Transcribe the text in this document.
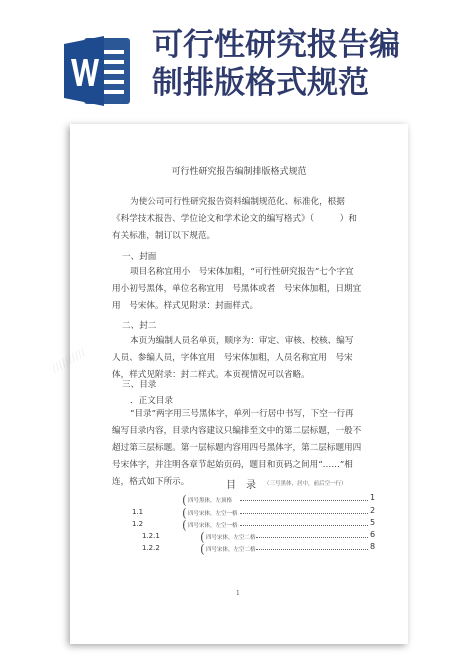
可行性研究报告编
制排版格式规范
//////////
可行性研究报告编制排版格式规范
为使公司可行性研究报告资料编制规范化、标准化，根据《科学技术报告、学位论文和学术论文的编写格式》（　　　）和有关标准，制订以下规范。
一、封面
项目名称宜用小　号宋体加粗，“可行性研究报告”七个字宜用小初号黑体，单位名称宜用　号黑体或者　号宋体加粗，日期宜用　号宋体。样式见附录：封面样式。
二、封二
本页为编制人员名单页，顺序为：审定、审核、校核、编写人员、参编人员，字体宜用　号宋体加粗，人员名称宜用　号宋体，样式见附录：封二样式。本页视情况可以省略。
三、目录
．正文目录
“目录”两字用三号黑体字，单列一行居中书写，下空一行再编写目录内容，目录内容建议只编排至文中的第二层标题，一般不超过第三层标题。第一层标题内容用四号黑体字，第二层标题用四号宋体字，并注明各章节起始页码，题目和页码之间用“……”相连，格式如下所示。	目　录 （三号黑体，居中，前后空一行）
( 四号黑体，左顶格	1
1.1	( 四号宋体，左空一格	2
1.2	( 四号宋体，左空一格	5
1.2.1	( 四号宋体，左空二格	6
1.2.2	( 四号宋体，左空二格	8
1
